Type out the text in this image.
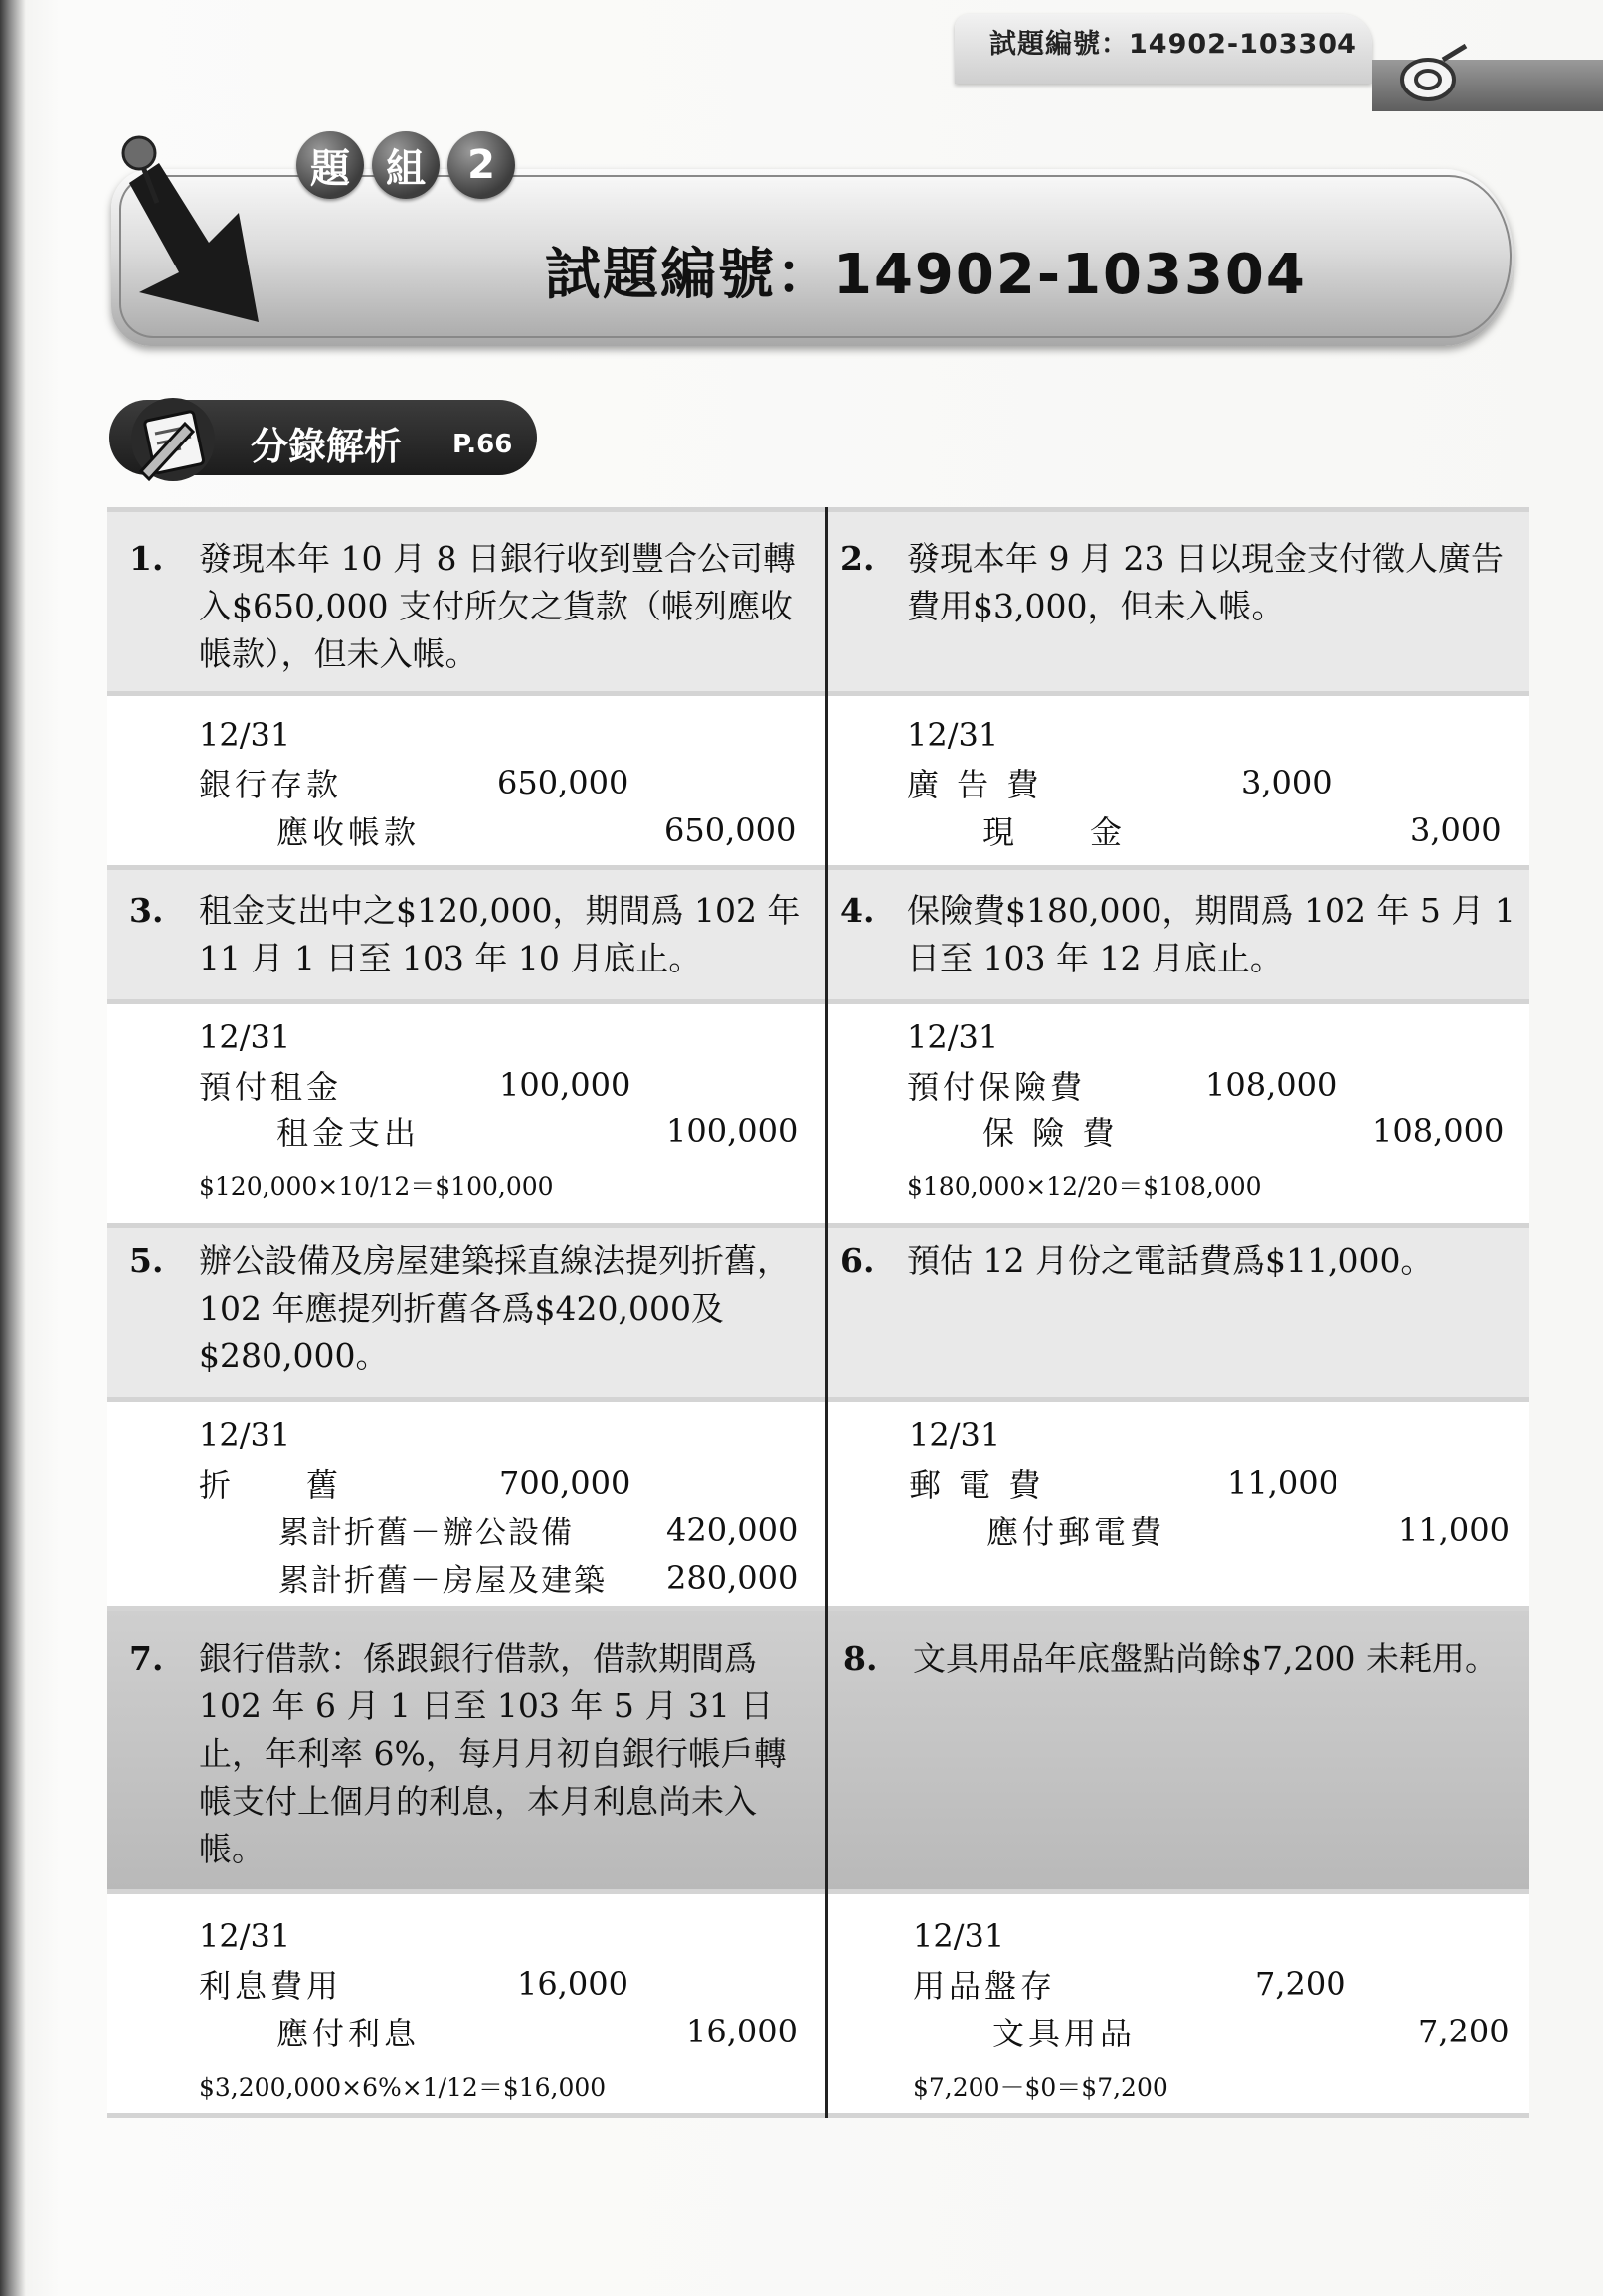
試題編號：14902-103304
題 組	2
試題編號：14902-103304
分錄解析 P.66
1. 發現本年 10 月 8 日銀行收到豐合公司轉入$650,000 支付所欠之貨款（帳列應收帳款），但未入帳。
12/31
銀行存款	650,000
應收帳款	650,000
2. 發現本年 9 月 23 日以現金支付徵人廣告費用$3,000，但未入帳。
12/31
廣 告 費	3,000
現　　金	3,000
3. 租金支出中之$120,000，期間爲 102 年 11 月 1 日至 103 年 10 月底止。
12/31
預付租金	100,000
租金支出	100,000
$120,000×10/12＝$100,000
4. 保險費$180,000，期間爲 102 年 5 月 1 日至 103 年 12 月底止。
12/31
預付保險費	108,000
保 險 費	108,000
$180,000×12/20＝$108,000
5. 辦公設備及房屋建築採直線法提列折舊，102 年應提列折舊各爲$420,000及$280,000。
12/31
折　　舊	700,000
累計折舊－辦公設備	420,000
累計折舊－房屋及建築 280,000
6. 預估 12 月份之電話費爲$11,000。
12/31
郵 電 費	11,000
應付郵電費	11,000
7. 銀行借款：係跟銀行借款，借款期間爲 102 年 6 月 1 日至 103 年 5 月 31 日止，年利率 6%，每月月初自銀行帳戶轉帳支付上個月的利息，本月利息尚未入帳。
12/31
利息費用	16,000
應付利息	16,000
$3,200,000×6%×1/12＝$16,000
8. 文具用品年底盤點尚餘$7,200 未耗用。
12/31
用品盤存	7,200
文具用品	7,200
$7,200－$0＝$7,200
